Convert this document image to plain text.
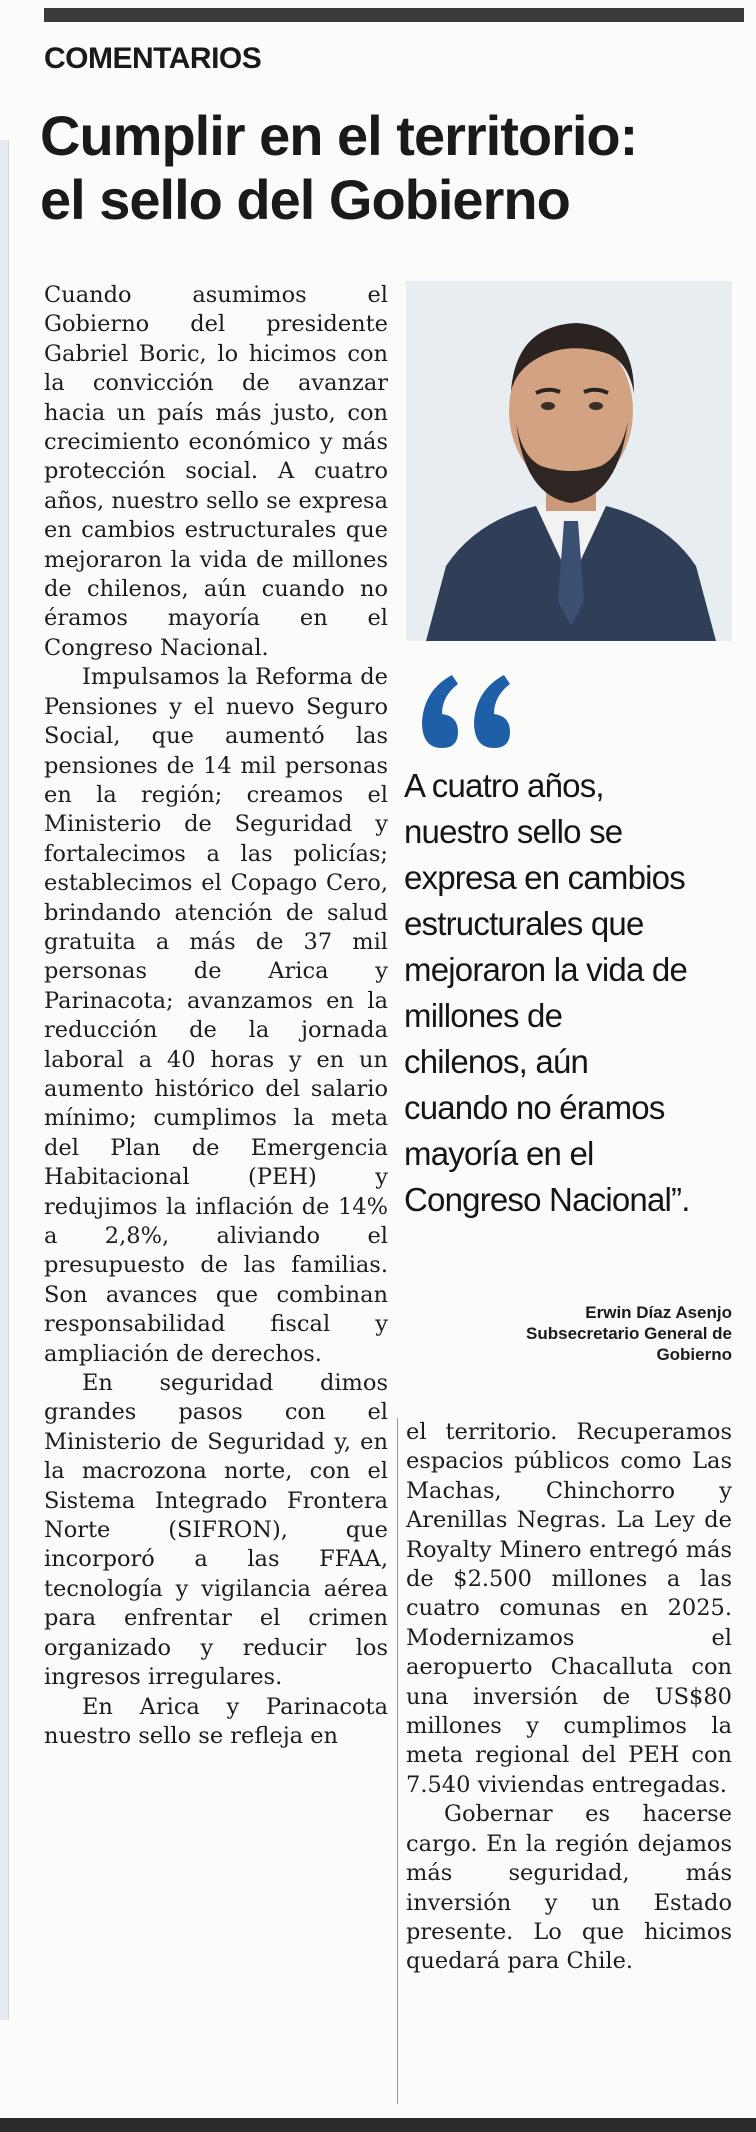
COMENTARIOS
Cumplir en el territorio:
el sello del Gobierno

Cuando asumimos el Gobierno del presidente Gabriel Boric, lo hicimos con la convicción de avanzar hacia un país más justo, con crecimiento económico y más protección social. A cuatro años, nuestro sello se expresa en cambios estructurales que mejoraron la vida de millones de chilenos, aún cuando no éramos mayoría en el Congreso Nacional.

Impulsamos la Reforma de Pensiones y el nuevo Seguro Social, que aumentó las pensiones de 14 mil personas en la región; creamos el Ministerio de Seguridad y fortalecimos a las policías; establecimos el Copago Cero, brindando atención de salud gratuita a más de 37 mil personas de Arica y Parinacota; avanzamos en la reducción de la jornada laboral a 40 horas y en un aumento histórico del salario mínimo; cumplimos la meta del Plan de Emergencia Habitacional (PEH) y redujimos la inflación de 14% a 2,8%, aliviando el presupuesto de las familias. Son avances que combinan responsabilidad fiscal y ampliación de derechos.

En seguridad dimos grandes pasos con el Ministerio de Seguridad y, en la macrozona norte, con el Sistema Integrado Frontera Norte (SIFRON), que incorporó a las FFAA, tecnología y vigilancia aérea para enfrentar el crimen organizado y reducir los ingresos irregulares.

En Arica y Parinacota nuestro sello se refleja en

A cuatro años,
nuestro sello se
expresa en cambios
estructurales que
mejoraron la vida de
millones de
chilenos, aún
cuando no éramos
mayoría en el
Congreso Nacional”.
Erwin Díaz Asenjo
Subsecretario General de
Gobierno

el territorio. Recuperamos espacios públicos como Las Machas, Chinchorro y Arenillas Negras. La Ley de Royalty Minero entregó más de $2.500 millones a las cuatro comunas en 2025. Modernizamos el aeropuerto Chacalluta con una inversión de US$80 millones y cumplimos la meta regional del PEH con 7.540 viviendas entregadas.

Gobernar es hacerse cargo. En la región dejamos más seguridad, más inversión y un Estado presente. Lo que hicimos quedará para Chile.
